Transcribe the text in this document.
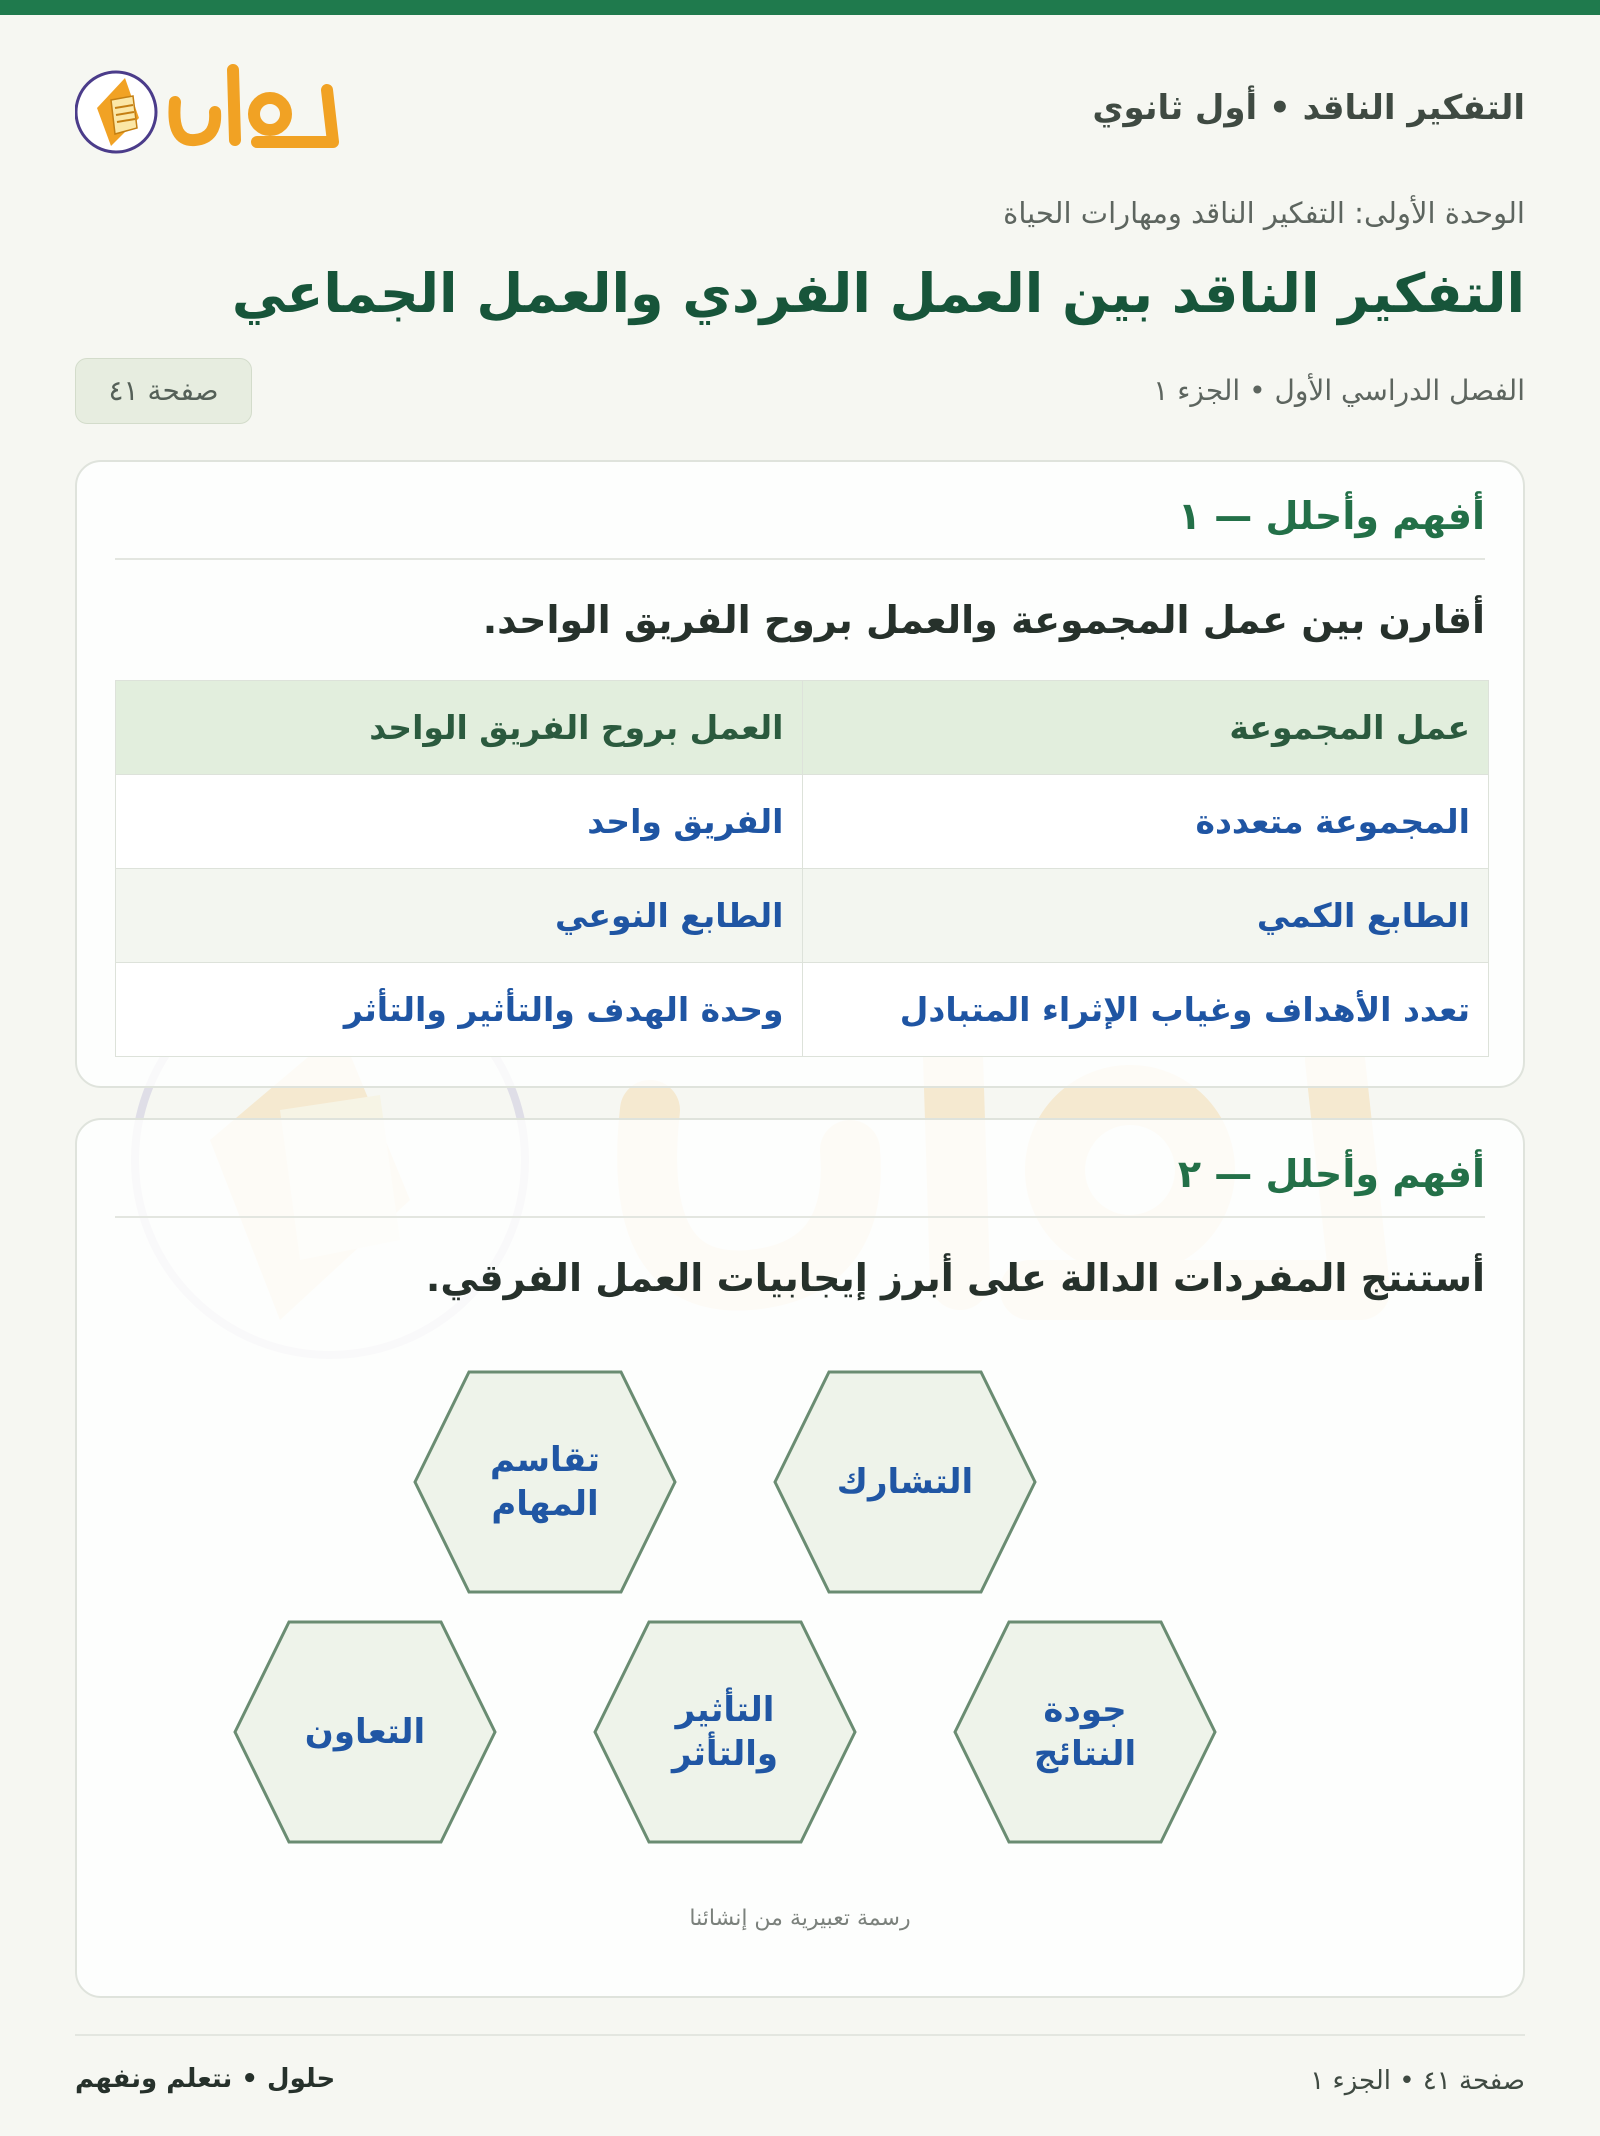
التفكير الناقد • أول ثانوي
الوحدة الأولى: التفكير الناقد ومهارات الحياة
التفكير الناقد بين العمل الفردي والعمل الجماعي
الفصل الدراسي الأول • الجزء ١
صفحة ٤١
أفهم وأحلل — ١
أقارن بين عمل المجموعة والعمل بروح الفريق الواحد.
عمل المجموعة	العمل بروح الفريق الواحد
المجموعة متعددة	الفريق واحد
الطابع الكمي	الطابع النوعي
تعدد الأهداف وغياب الإثراء المتبادل	وحدة الهدف والتأثير والتأثر
أفهم وأحلل — ٢
أستنتج المفردات الدالة على أبرز إيجابيات العمل الفرقي.
التشارك
تقاسم المهام
جودة النتائج
التأثير والتأثر
التعاون
رسمة تعبيرية من إنشائنا
صفحة ٤١ • الجزء ١
حلول • نتعلم ونفهم
